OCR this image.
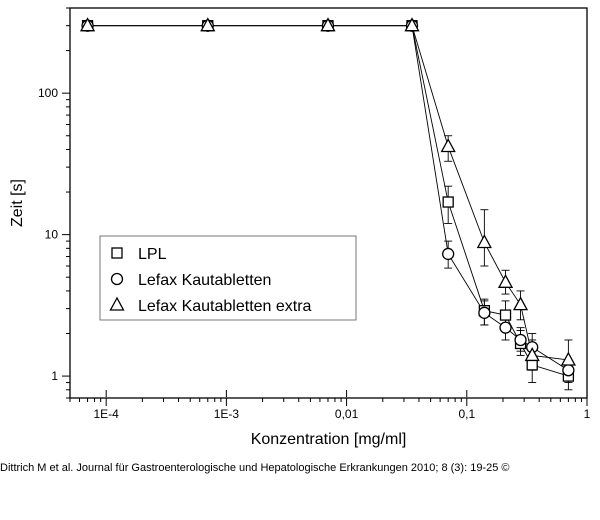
1E-4	1E-3	0,01	0,1	1
1
10
100
Konzentration [mg/ml]
Zeit [s]
LPL
Lefax Kautabletten
Lefax Kautabletten extra
Dittrich M et al. Journal für Gastroenterologische und Hepatologische Erkrankungen 2010; 8 (3): 19-25 ©
